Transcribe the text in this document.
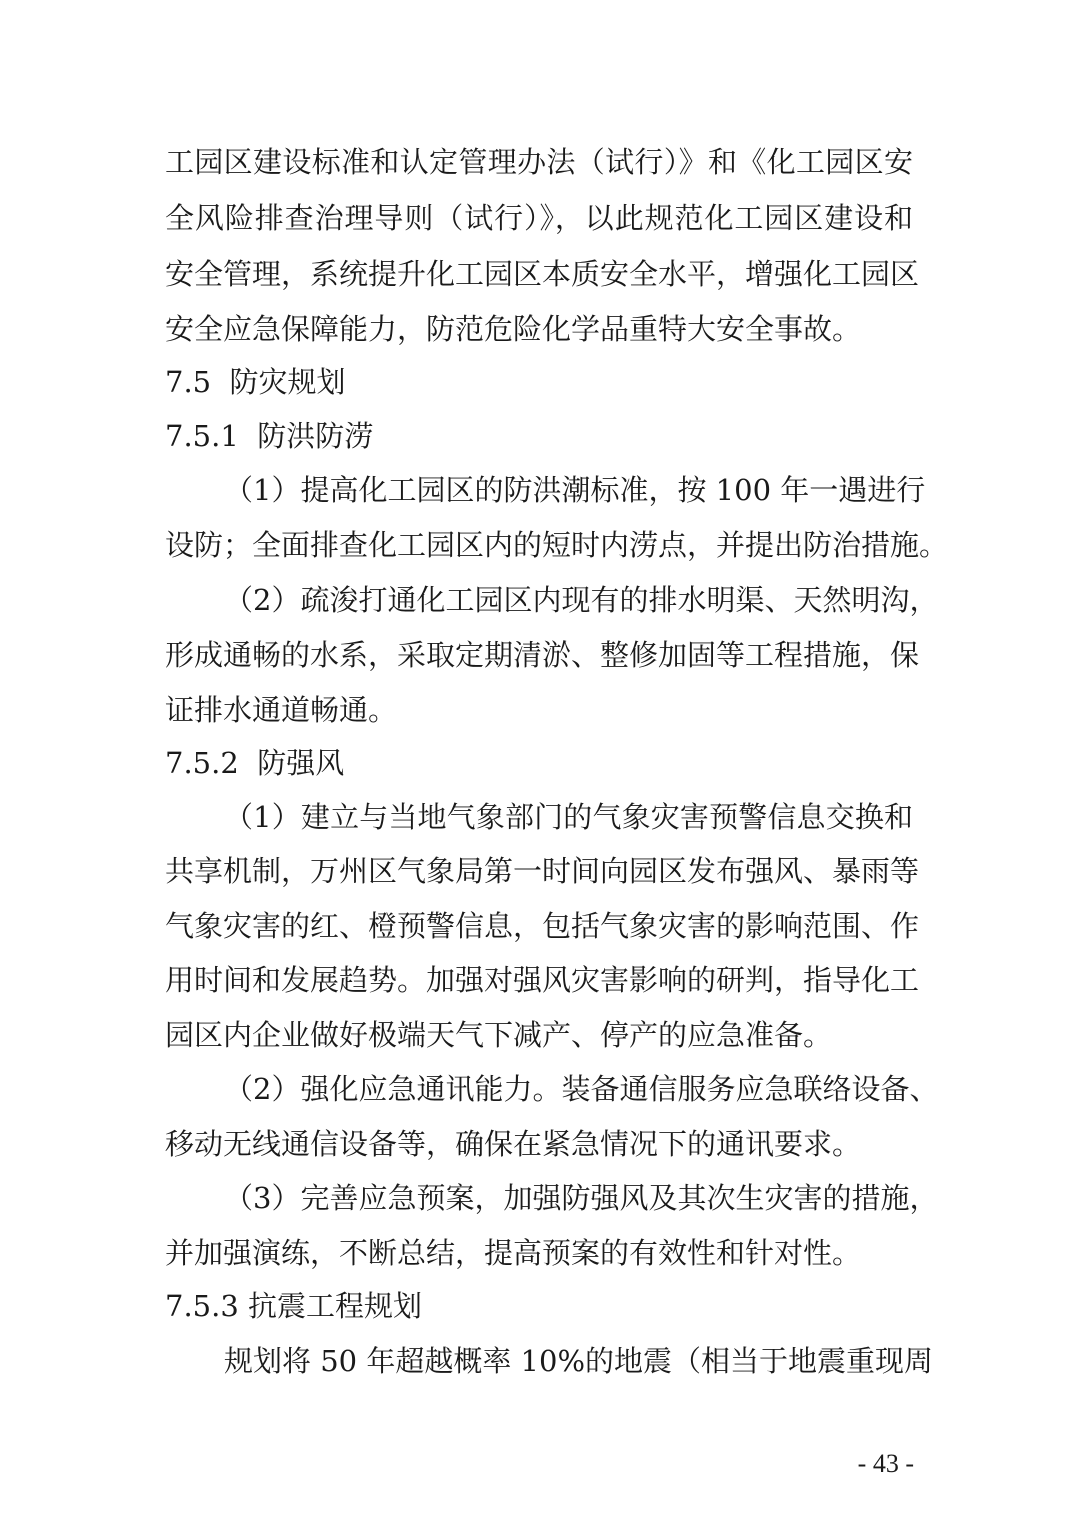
工园区建设标准和认定管理办法（试行）》和《化工园区安
全风险排查治理导则（试行）》，以此规范化工园区建设和
安全管理，系统提升化工园区本质安全水平，增强化工园区
安全应急保障能力，防范危险化学品重特大安全事故。
7.5  防灾规划
7.5.1  防洪防涝
（1）提高化工园区的防洪潮标准，按 100 年一遇进行
设防；全面排查化工园区内的短时内涝点，并提出防治措施。
（2）疏浚打通化工园区内现有的排水明渠、天然明沟，
形成通畅的水系，采取定期清淤、整修加固等工程措施，保
证排水通道畅通。
7.5.2  防强风
（1）建立与当地气象部门的气象灾害预警信息交换和
共享机制，万州区气象局第一时间向园区发布强风、暴雨等
气象灾害的红、橙预警信息，包括气象灾害的影响范围、作
用时间和发展趋势。加强对强风灾害影响的研判，指导化工
园区内企业做好极端天气下减产、停产的应急准备。
（2）强化应急通讯能力。装备通信服务应急联络设备、
移动无线通信设备等，确保在紧急情况下的通讯要求。
（3）完善应急预案，加强防强风及其次生灾害的措施，
并加强演练，不断总结，提高预案的有效性和针对性。
7.5.3 抗震工程规划
规划将 50 年超越概率 10%的地震（相当于地震重现周
- 43 -
